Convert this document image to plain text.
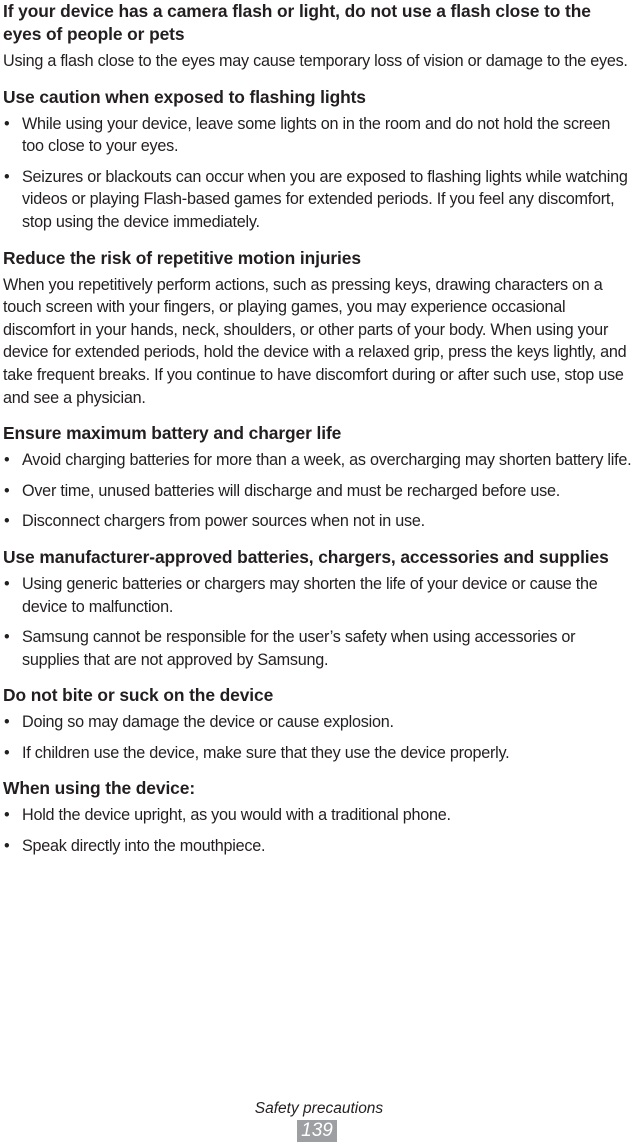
If your device has a camera flash or light, do not use a flash close to the eyes of people or pets

Using a flash close to the eyes may cause temporary loss of vision or damage to the eyes.

Use caution when exposed to flashing lights
• While using your device, leave some lights on in the room and do not hold the screen too close to your eyes.
• Seizures or blackouts can occur when you are exposed to flashing lights while watching videos or playing Flash-based games for extended periods. If you feel any discomfort, stop using the device immediately.
Reduce the risk of repetitive motion injuries

When you repetitively perform actions, such as pressing keys, drawing characters on a touch screen with your fingers, or playing games, you may experience occasional discomfort in your hands, neck, shoulders, or other parts of your body. When using your device for extended periods, hold the device with a relaxed grip, press the keys lightly, and take frequent breaks. If you continue to have discomfort during or after such use, stop use and see a physician.

Ensure maximum battery and charger life
• Avoid charging batteries for more than a week, as overcharging may shorten battery life.
• Over time, unused batteries will discharge and must be recharged before use.
• Disconnect chargers from power sources when not in use.
Use manufacturer-approved batteries, chargers, accessories and supplies
• Using generic batteries or chargers may shorten the life of your device or cause the device to malfunction.
• Samsung cannot be responsible for the user’s safety when using accessories or supplies that are not approved by Samsung.
Do not bite or suck on the device
• Doing so may damage the device or cause explosion.
• If children use the device, make sure that they use the device properly.
When using the device:
• Hold the device upright, as you would with a traditional phone.
• Speak directly into the mouthpiece.
Safety precautions
139
